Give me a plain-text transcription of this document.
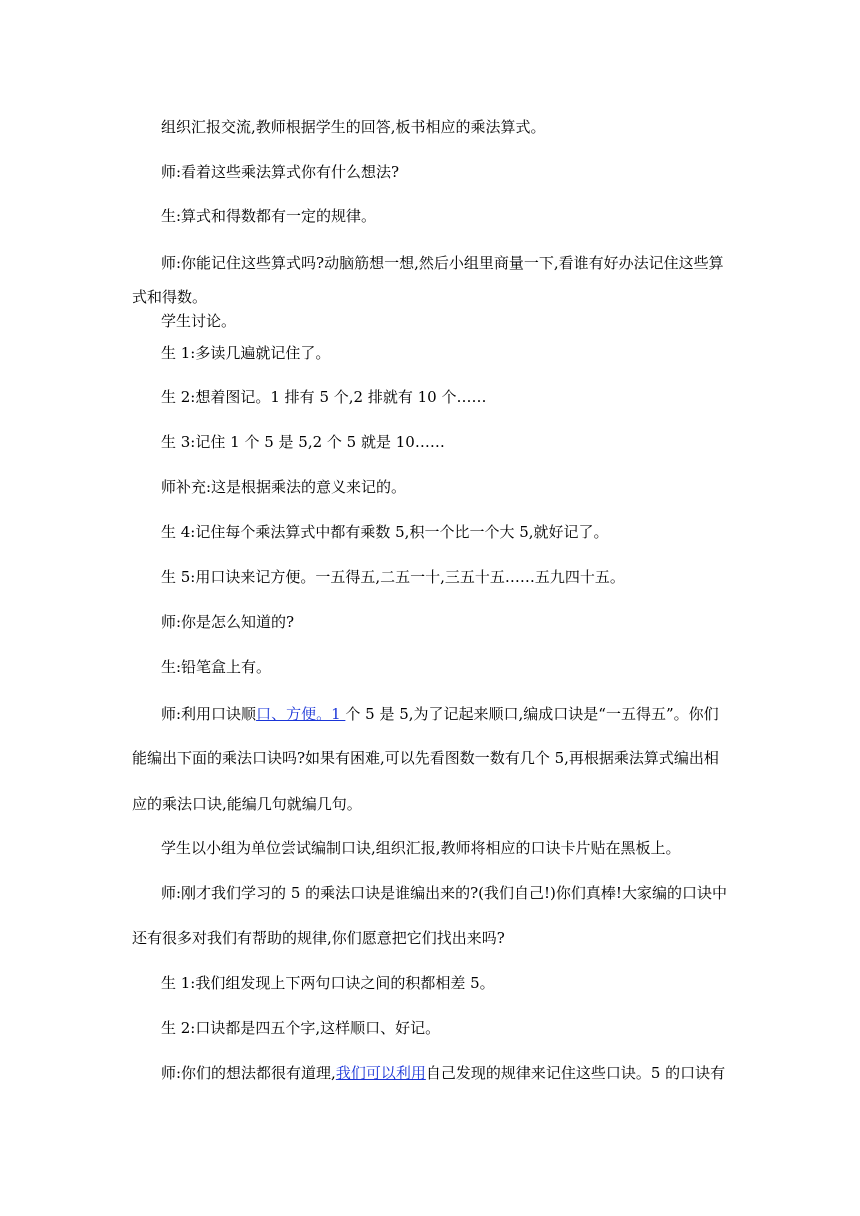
组织汇报交流,教师根据学生的回答,板书相应的乘法算式。
师:看着这些乘法算式你有什么想法?
生:算式和得数都有一定的规律。
师:你能记住这些算式吗?动脑筋想一想,然后小组里商量一下,看谁有好办法记住这些算
式和得数。
学生讨论。
生 1:多读几遍就记住了。
生 2:想着图记。1 排有 5 个,2 排就有 10 个……
生 3:记住 1 个 5 是 5,2 个 5 就是 10……
师补充:这是根据乘法的意义来记的。
生 4:记住每个乘法算式中都有乘数 5,积一个比一个大 5,就好记了。
生 5:用口诀来记方便。一五得五,二五一十,三五十五……五九四十五。
师:你是怎么知道的?
生:铅笔盒上有。
师:利用口诀顺口、方便。1 个 5 是 5,为了记起来顺口,编成口诀是“一五得五”。你们
能编出下面的乘法口诀吗?如果有困难,可以先看图数一数有几个 5,再根据乘法算式编出相
应的乘法口诀,能编几句就编几句。
学生以小组为单位尝试编制口诀,组织汇报,教师将相应的口诀卡片贴在黑板上。
师:刚才我们学习的 5 的乘法口诀是谁编出来的?(我们自己!)你们真棒!大家编的口诀中
还有很多对我们有帮助的规律,你们愿意把它们找出来吗?
生 1:我们组发现上下两句口诀之间的积都相差 5。
生 2:口诀都是四五个字,这样顺口、好记。
师:你们的想法都很有道理,我们可以利用自己发现的规律来记住这些口诀。5 的口诀有
